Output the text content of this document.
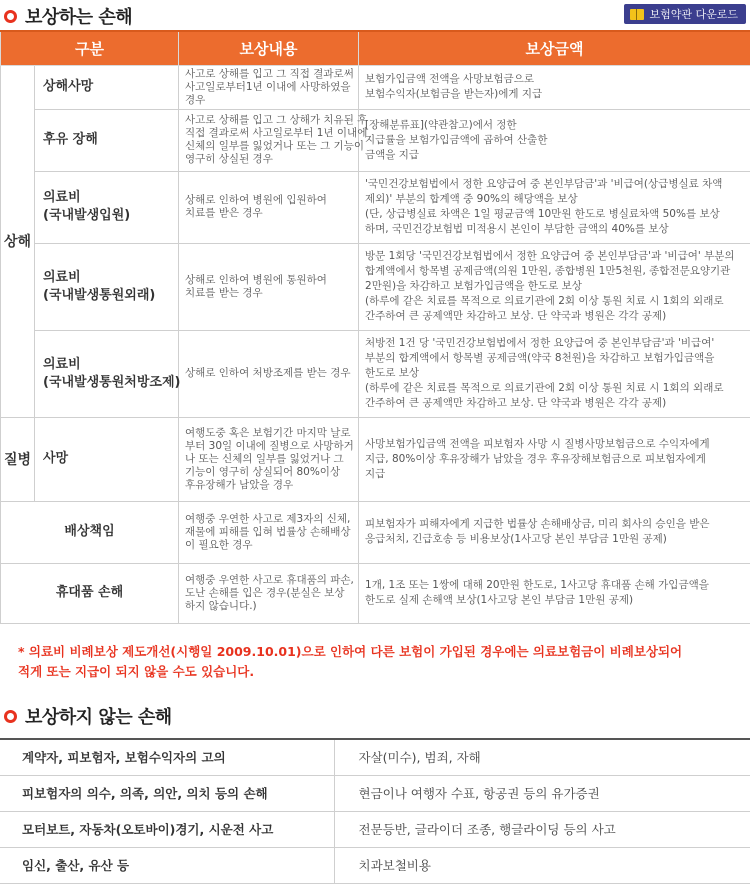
보상하는 손해	보험약관 다운로드
구분		보상내용	보상금액
상해	상해사망	사고로 상해를 입고 그 직접 결과로써
사고일로부터1년 이내에 사망하였을
경우	보험가입금액 전액을 사망보험금으로
보험수익자(보험금을 받는자)에게 지급

	후유 장해	사고로 상해를 입고 그 상해가 치유된 후
직접 결과로써 사고일로부터 1년 이내에
신체의 일부를 잃었거나 또는 그 기능이
영구히 상실된 경우	[장해분류표](약관참고)에서 정한
지급률을 보험가입금액에 곱하여 산출한
금액을 지급

	의료비
(국내발생입원)	상해로 인하여 병원에 입원하여
치료를 받은 경우	'국민건강보험법에서 정한 요양급여 중 본인부담금'과 '비급여(상급병실료 차액
제외)' 부분의 합계액 중 90%의 해당액을 보상
(단, 상급병실료 차액은 1일 평균금액 10만원 한도로 병실료차액 50%를 보상
하며, 국민건강보험법 미적용시 본인이 부담한 금액의 40%를 보상

	의료비
(국내발생통원외래)	상해로 인하여 병원에 통원하여
치료를 받는 경우	방문 1회당 '국민건강보험법에서 정한 요양급여 중 본인부담금'과 '비급여' 부분의
합계액에서 항목별 공제금액(의원 1만원, 종합병원 1만5천원, 종합전문요양기관
2만원)을 차감하고 보험가입금액을 한도로 보상
(하루에 같은 치료를 목적으로 의료기관에 2회 이상 통원 치료 시 1회의 외래로
간주하여 큰 공제액만 차감하고 보상. 단 약국과 병원은 각각 공제)

	의료비
(국내발생통원처방조제)	상해로 인하여 처방조제를 받는 경우	처방전 1건 당 '국민건강보험법에서 정한 요양급여 중 본인부담금'과 '비급여'
부분의 합계액에서 항목별 공제금액(약국 8천원)을 차감하고 보험가입금액을
한도로 보상
(하루에 같은 치료를 목적으로 의료기관에 2회 이상 통원 치료 시 1회의 외래로
간주하여 큰 공제액만 차감하고 보상. 단 약국과 병원은 각각 공제)

질병	사망	여행도중 혹은 보험기간 마지막 날로
부터 30일 이내에 질병으로 사망하거
나 또는 신체의 일부를 잃었거나 그
기능이 영구히 상실되어 80%이상
후유장해가 남았을 경우	사망보험가입금액 전액을 피보험자 사망 시 질병사망보험금으로 수익자에게
지급, 80%이상 후유장해가 남았을 경우 후유장해보험금으로 피보험자에게
지급

배상책임		여행중 우연한 사고로 제3자의 신체,
재물에 피해를 입혀 법률상 손해배상
이 필요한 경우	피보험자가 피해자에게 지급한 법률상 손해배상금, 미리 회사의 승인을 받은
응급처치, 긴급호송 등 비용보상(1사고당 본인 부담금 1만원 공제)

휴대품 손해		여행중 우연한 사고로 휴대품의 파손,
도난 손해를 입은 경우(분실은 보상
하지 않습니다.)	1개, 1조 또는 1쌍에 대해 20만원 한도로, 1사고당 휴대품 손해 가입금액을
한도로 실제 손해액 보상(1사고당 본인 부담금 1만원 공제)
* 의료비 비례보상 제도개선(시행일 2009.10.01)으로 인하여 다른 보험이 가입된 경우에는 의료보험금이 비례보상되어
적게 또는 지급이 되지 않을 수도 있습니다.
보상하지 않는 손해
계약자, 피보험자, 보험수익자의 고의	자살(미수), 범죄, 자해
피보험자의 의수, 의족, 의안, 의치 등의 손해	현금이나 여행자 수표, 항공권 등의 유가증권
모터보트, 자동차(오토바이)경기, 시운전 사고	전문등반, 글라이더 조종, 행글라이딩 등의 사고
임신, 출산, 유산 등	치과보철비용
